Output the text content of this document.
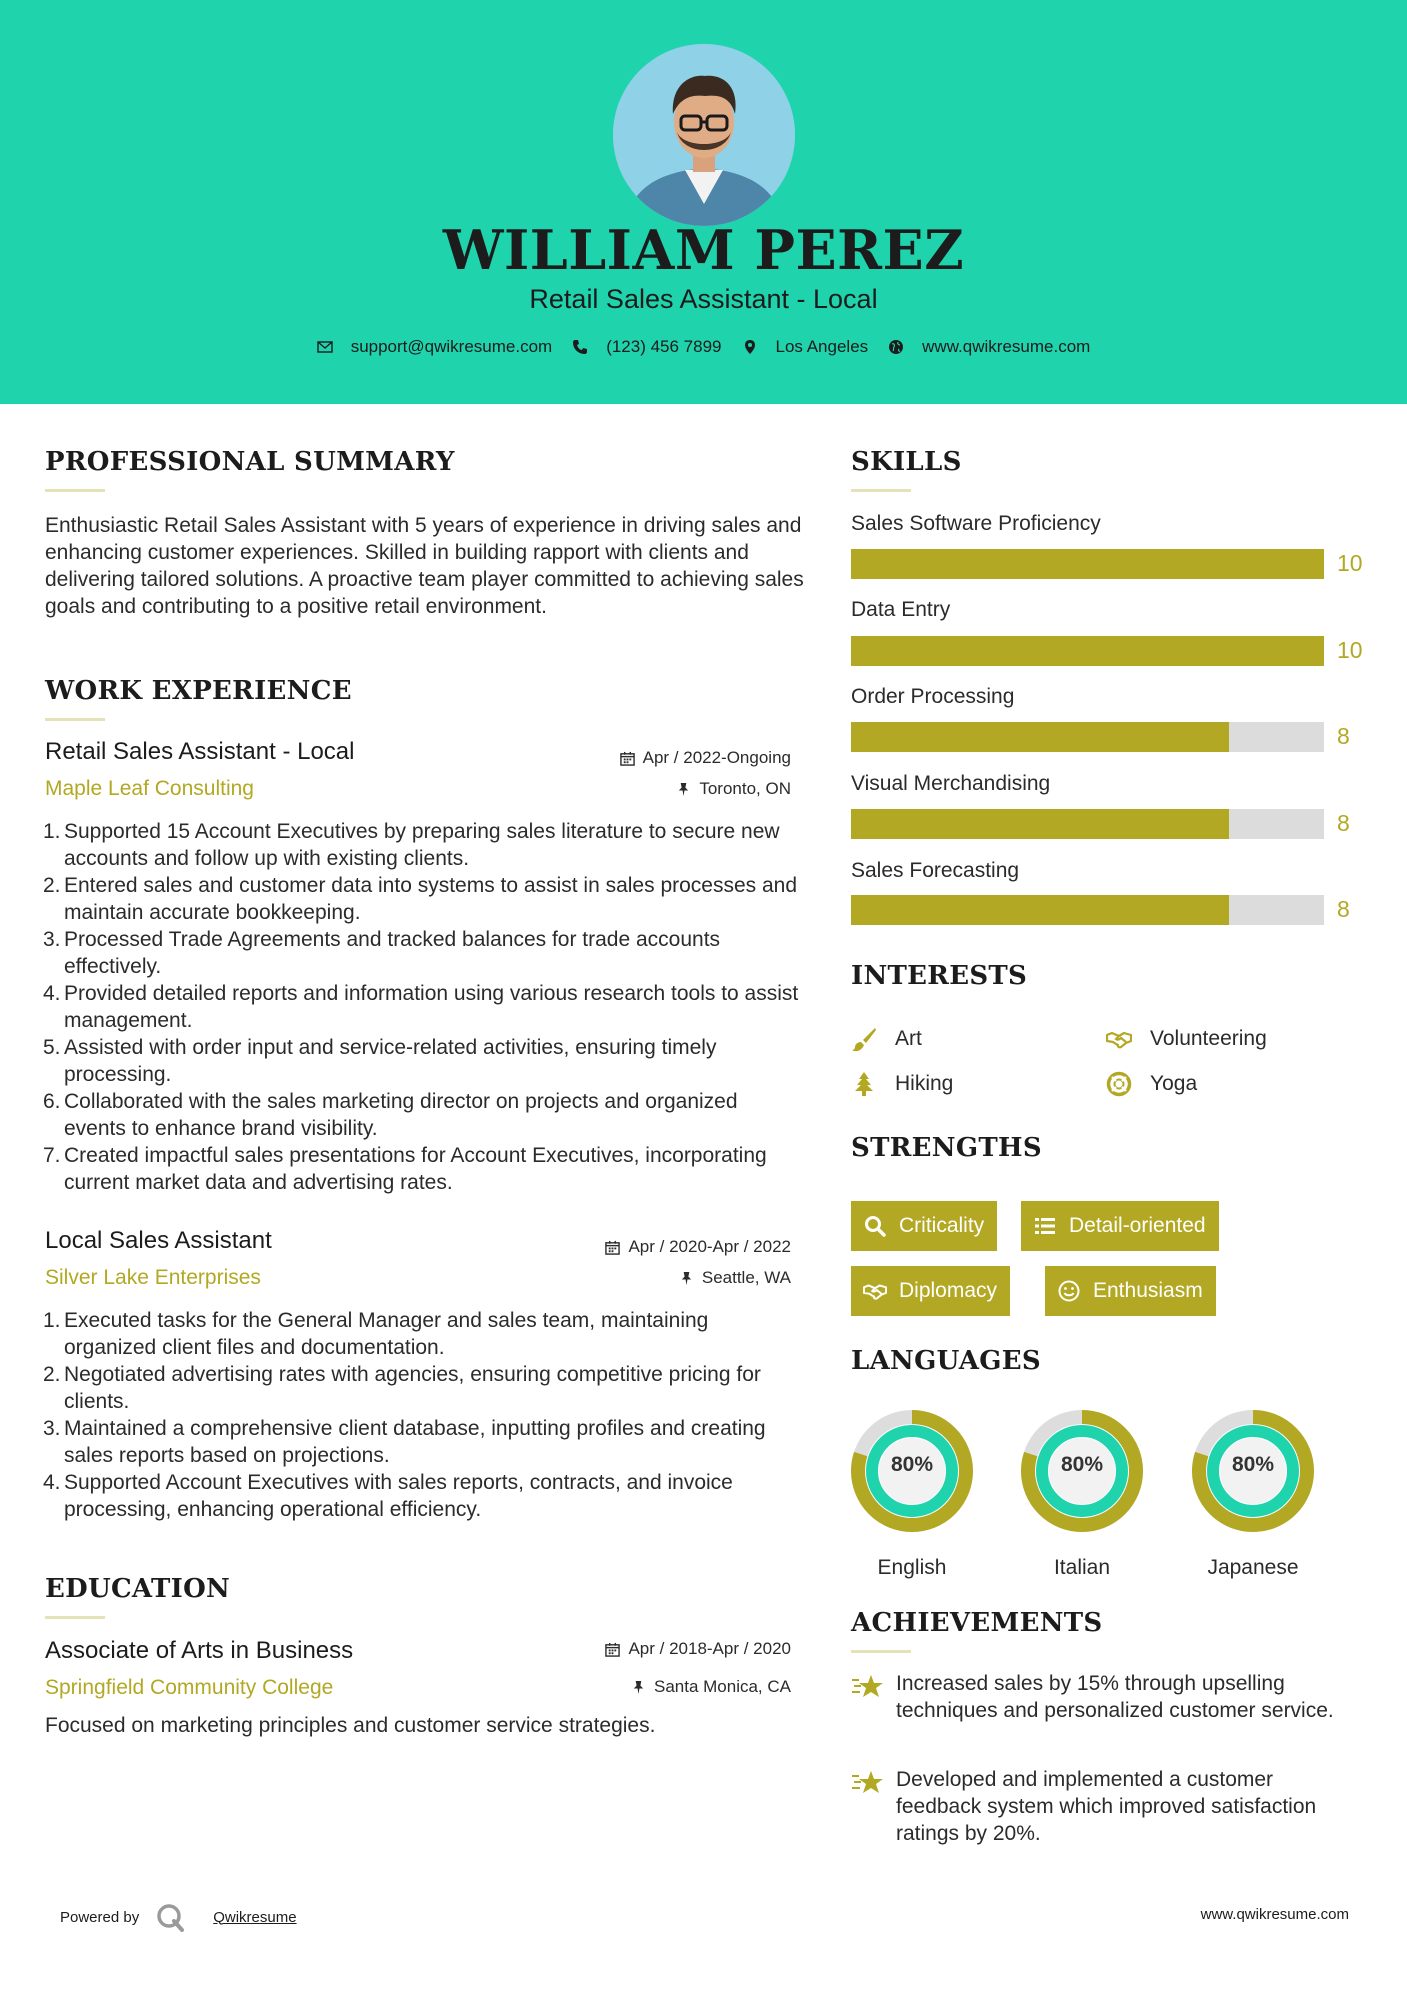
WILLIAM PEREZ
Retail Sales Assistant - Local
support@qwikresume.com	(123) 456 7899	Los Angeles	www.qwikresume.com
PROFESSIONAL SUMMARY
Enthusiastic Retail Sales Assistant with 5 years of experience in driving sales and enhancing customer experiences. Skilled in building rapport with clients and delivering tailored solutions. A proactive team player committed to achieving sales goals and contributing to a positive retail environment.
WORK EXPERIENCE
Retail Sales Assistant - Local	Apr / 2022-Ongoing
Maple Leaf Consulting	Toronto, ON
1. Supported 15 Account Executives by preparing sales literature to secure new accounts and follow up with existing clients.
2. Entered sales and customer data into systems to assist in sales processes and maintain accurate bookkeeping.
3. Processed Trade Agreements and tracked balances for trade accounts effectively.
4. Provided detailed reports and information using various research tools to assist management.
5. Assisted with order input and service-related activities, ensuring timely processing.
6. Collaborated with the sales marketing director on projects and organized events to enhance brand visibility.
7. Created impactful sales presentations for Account Executives, incorporating current market data and advertising rates.
Local Sales Assistant	Apr / 2020-Apr / 2022
Silver Lake Enterprises	Seattle, WA
1. Executed tasks for the General Manager and sales team, maintaining organized client files and documentation.
2. Negotiated advertising rates with agencies, ensuring competitive pricing for clients.
3. Maintained a comprehensive client database, inputting profiles and creating sales reports based on projections.
4. Supported Account Executives with sales reports, contracts, and invoice processing, enhancing operational efficiency.
EDUCATION
Associate of Arts in Business	Apr / 2018-Apr / 2020
Springfield Community College	Santa Monica, CA
Focused on marketing principles and customer service strategies.
SKILLS
Sales Software Proficiency
10
Data Entry
10
Order Processing
8
Visual Merchandising
8
Sales Forecasting
8
INTERESTS
Art	Volunteering
Hiking	Yoga
STRENGTHS
Criticality	Detail-oriented
Diplomacy	Enthusiasm
LANGUAGES
80%
English
80%
Italian
80%
Japanese
ACHIEVEMENTS
Increased sales by 15% through upselling techniques and personalized customer service.
Developed and implemented a customer feedback system which improved satisfaction ratings by 20%.
Powered by	Qwikresume	www.qwikresume.com
